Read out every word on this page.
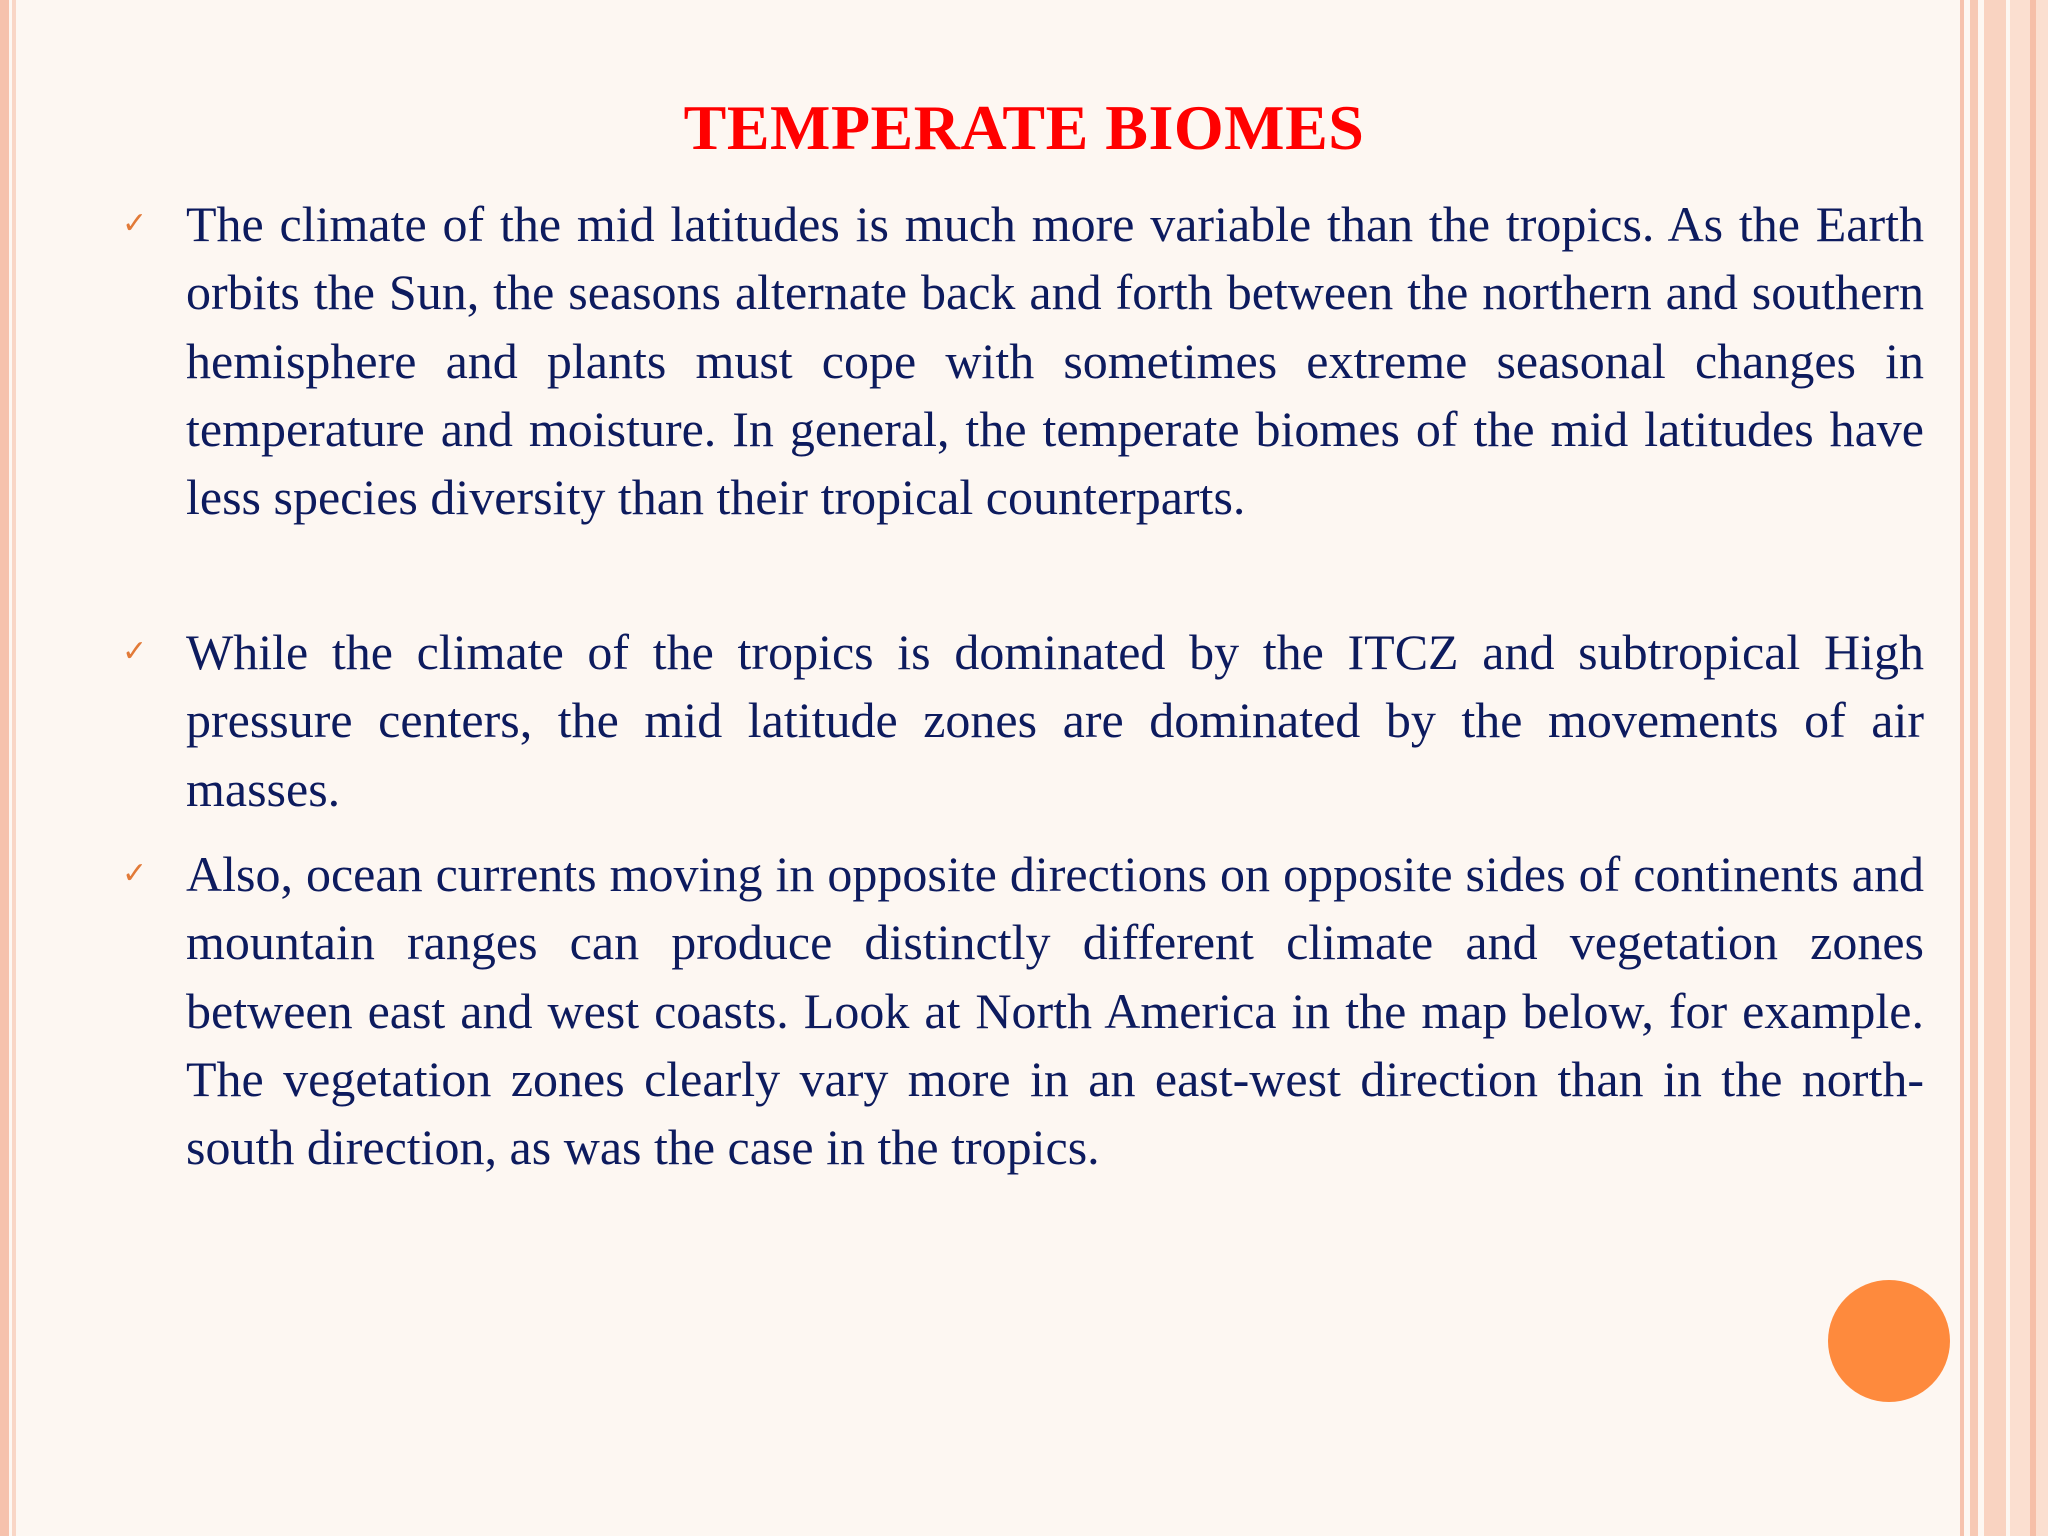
TEMPERATE BIOMES
✓ The climate of the mid latitudes is much more variable than the tropics. As the Earth orbits the Sun, the seasons alternate back and forth between the northern and southern hemisphere and plants must cope with sometimes extreme seasonal changes in temperature and moisture. In general, the temperate biomes of the mid latitudes have less species diversity than their tropical counterparts.

✓ While the climate of the tropics is dominated by the ITCZ and subtropical High pressure centers, the mid latitude zones are dominated by the movements of air masses.

✓ Also, ocean currents moving in opposite directions on opposite sides of continents and mountain ranges can produce distinctly different climate and vegetation zones between east and west coasts. Look at North America in the map below, for example. The vegetation zones clearly vary more in an east-west direction than in the north-south direction, as was the case in the tropics.
